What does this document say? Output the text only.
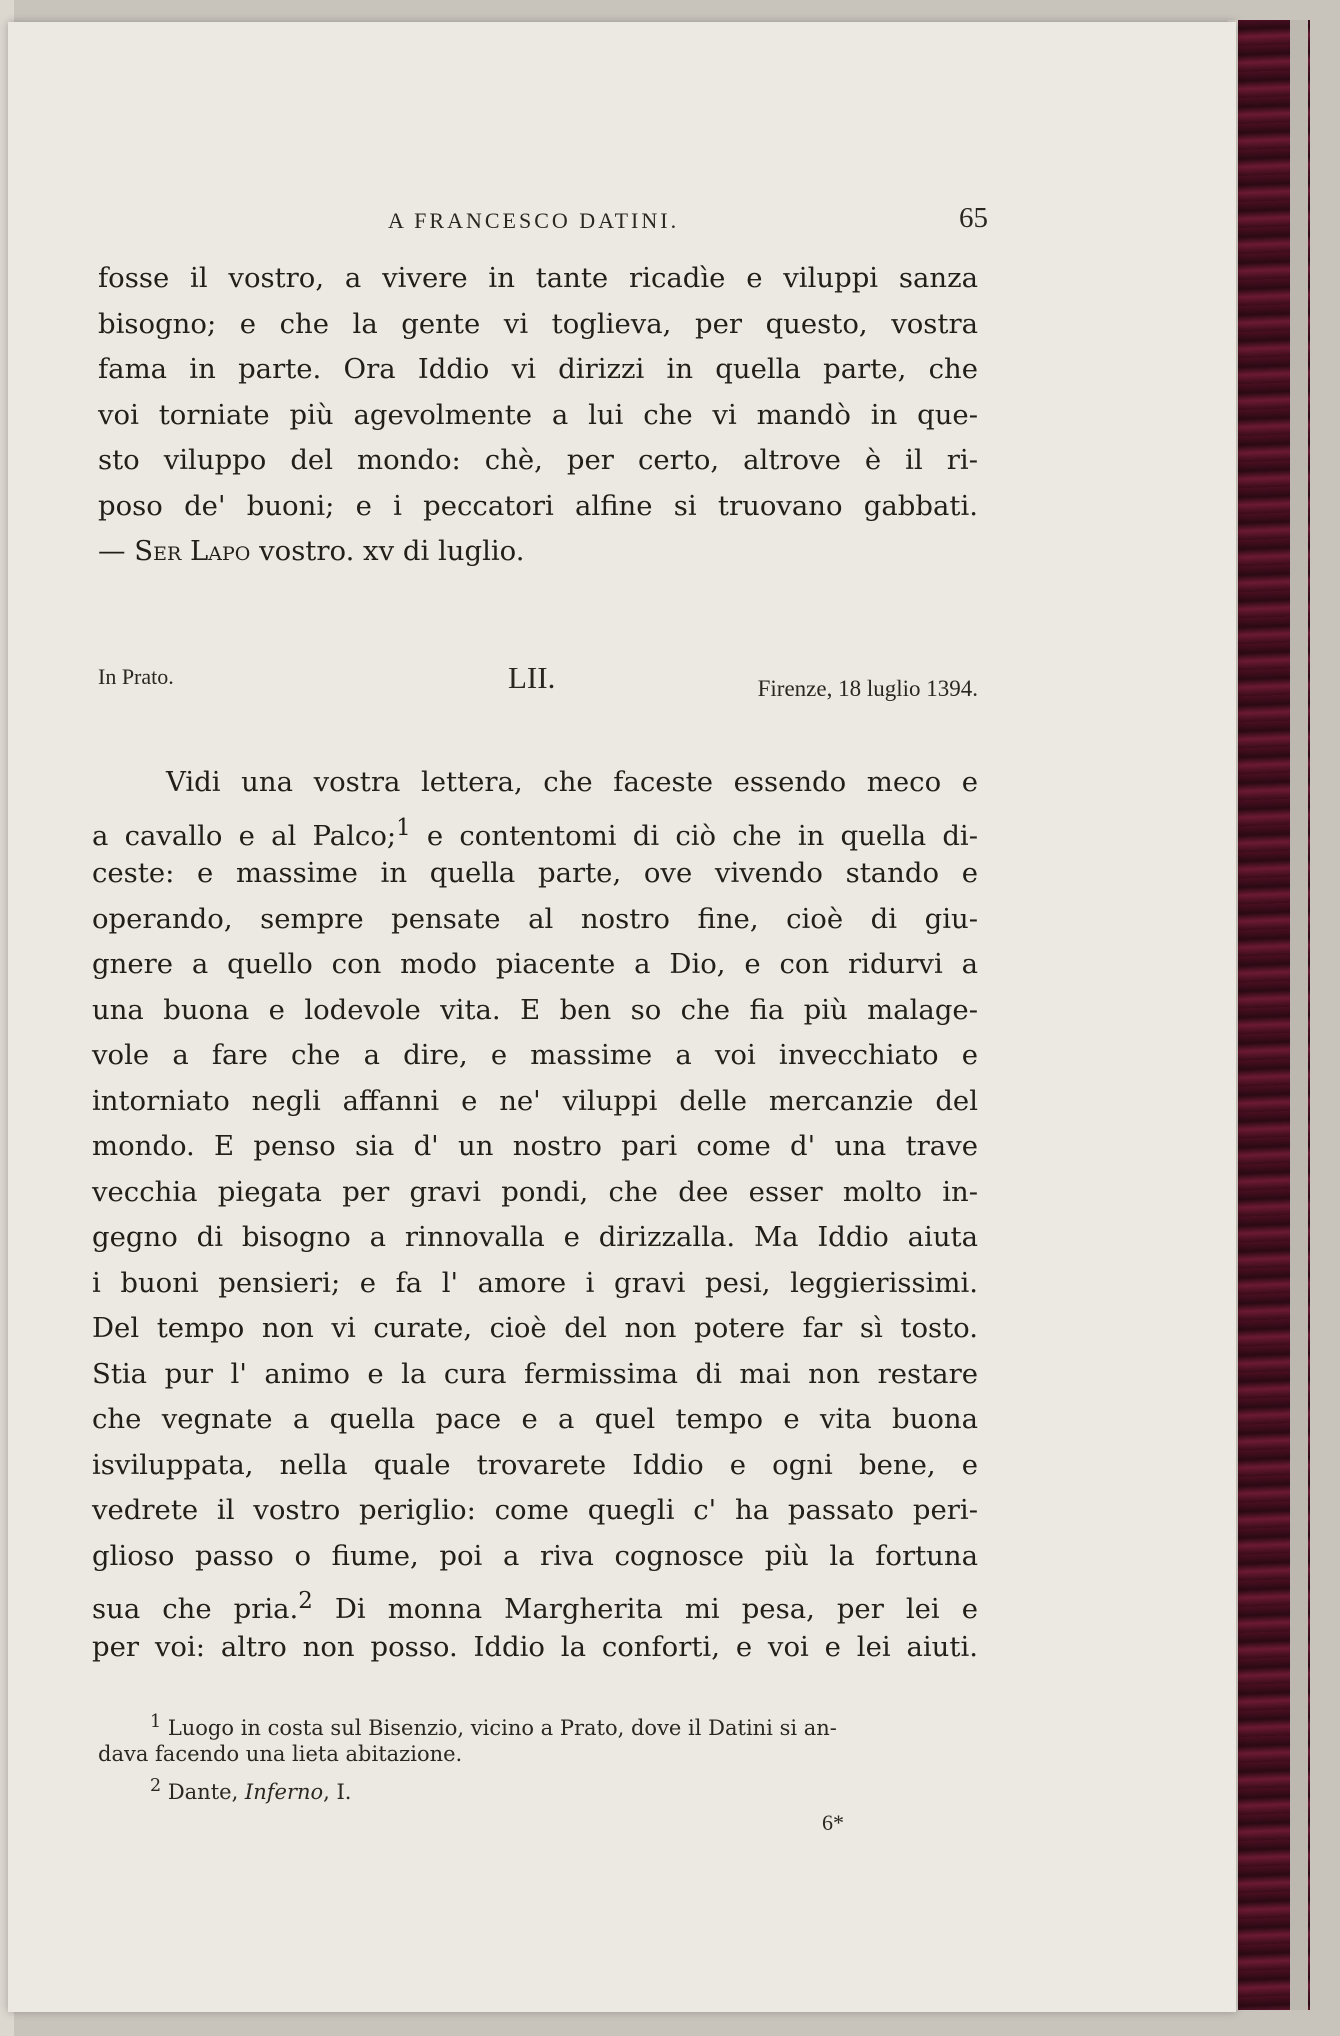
A FRANCESCO DATINI.	65
fosse il vostro, a vivere in tante ricadìe e viluppi sanza
bisogno; e che la gente vi toglieva, per questo, vostra
fama in parte. Ora Iddio vi dirizzi in quella parte, che
voi torniate più agevolmente a lui che vi mandò in que-
sto viluppo del mondo: chè, per certo, altrove è il ri-
poso de' buoni; e i peccatori alfine si truovano gabbati.
— Ser Lapo vostro. xv di luglio.
In Prato.	LII.	Firenze, 18 luglio 1394.
Vidi una vostra lettera, che faceste essendo meco e
a cavallo e al Palco;$^1$ e contentomi di ciò che in quella di-
ceste: e massime in quella parte, ove vivendo stando e
operando, sempre pensate al nostro fine, cioè di giu-
gnere a quello con modo piacente a Dio, e con ridurvi a
una buona e lodevole vita. E ben so che fia più malage-
vole a fare che a dire, e massime a voi invecchiato e
intorniato negli affanni e ne' viluppi delle mercanzie del
mondo. E penso sia d' un nostro pari come d' una trave
vecchia piegata per gravi pondi, che dee esser molto in-
gegno di bisogno a rinnovalla e dirizzalla. Ma Iddio aiuta
i buoni pensieri; e fa l' amore i gravi pesi, leggierissimi.
Del tempo non vi curate, cioè del non potere far sì tosto.
Stia pur l' animo e la cura fermissima di mai non restare
che vegnate a quella pace e a quel tempo e vita buona
isviluppata, nella quale trovarete Iddio e ogni bene, e
vedrete il vostro periglio: come quegli c' ha passato peri-
glioso passo o fiume, poi a riva cognosce più la fortuna
sua che pria.$^2$ Di monna Margherita mi pesa, per lei e
per voi: altro non posso. Iddio la conforti, e voi e lei aiuti.
$^1$ Luogo in costa sul Bisenzio, vicino a Prato, dove il Datini si an-
dava facendo una lieta abitazione.
$^2$ Dante, Inferno, I.
6*
